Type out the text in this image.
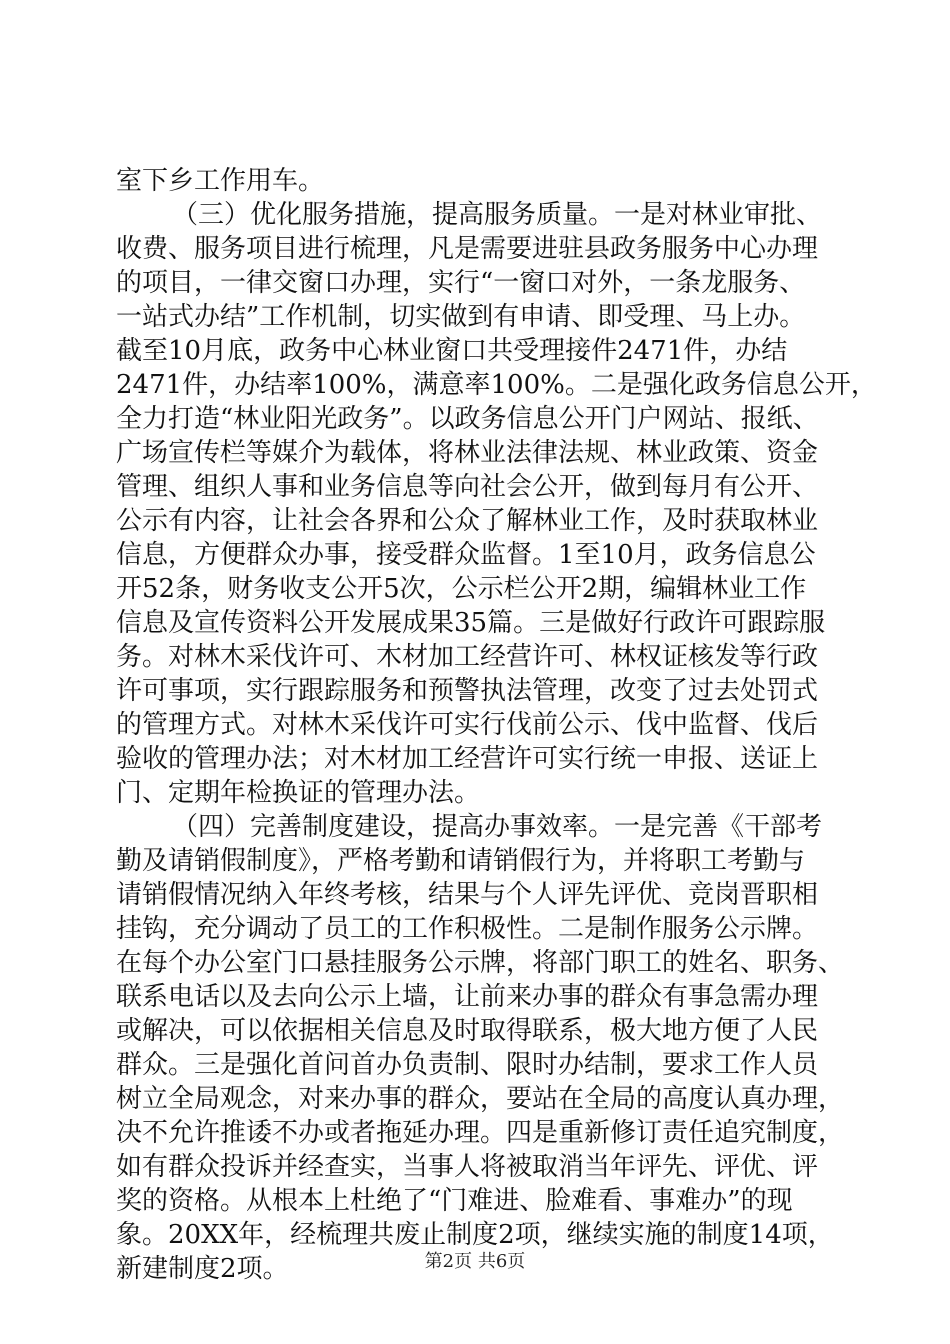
室下乡工作用车。
（三）优化服务措施，提高服务质量。一是对林业审批、
收费、服务项目进行梳理，凡是需要进驻县政务服务中心办理
的项目，一律交窗口办理，实行“一窗口对外，一条龙服务、
一站式办结”工作机制，切实做到有申请、即受理、马上办。
截至10月底，政务中心林业窗口共受理接件2471件，办结
2471件，办结率100%，满意率100%。二是强化政务信息公开，
全力打造“林业阳光政务”。以政务信息公开门户网站、报纸、
广场宣传栏等媒介为载体，将林业法律法规、林业政策、资金
管理、组织人事和业务信息等向社会公开，做到每月有公开、
公示有内容，让社会各界和公众了解林业工作，及时获取林业
信息，方便群众办事，接受群众监督。1至10月，政务信息公
开52条，财务收支公开5次，公示栏公开2期，编辑林业工作
信息及宣传资料公开发展成果35篇。三是做好行政许可跟踪服
务。对林木采伐许可、木材加工经营许可、林权证核发等行政
许可事项，实行跟踪服务和预警执法管理，改变了过去处罚式
的管理方式。对林木采伐许可实行伐前公示、伐中监督、伐后
验收的管理办法；对木材加工经营许可实行统一申报、送证上
门、定期年检换证的管理办法。
（四）完善制度建设，提高办事效率。一是完善《干部考
勤及请销假制度》，严格考勤和请销假行为，并将职工考勤与
请销假情况纳入年终考核，结果与个人评先评优、竞岗晋职相
挂钩，充分调动了员工的工作积极性。二是制作服务公示牌。
在每个办公室门口悬挂服务公示牌，将部门职工的姓名、职务、
联系电话以及去向公示上墙，让前来办事的群众有事急需办理
或解决，可以依据相关信息及时取得联系，极大地方便了人民
群众。三是强化首问首办负责制、限时办结制，要求工作人员
树立全局观念，对来办事的群众，要站在全局的高度认真办理，
决不允许推诿不办或者拖延办理。四是重新修订责任追究制度，
如有群众投诉并经查实，当事人将被取消当年评先、评优、评
奖的资格。从根本上杜绝了“门难进、脸难看、事难办”的现
象。20XX年，经梳理共废止制度2项，继续实施的制度14项，
新建制度2项。	第2页 共6页
